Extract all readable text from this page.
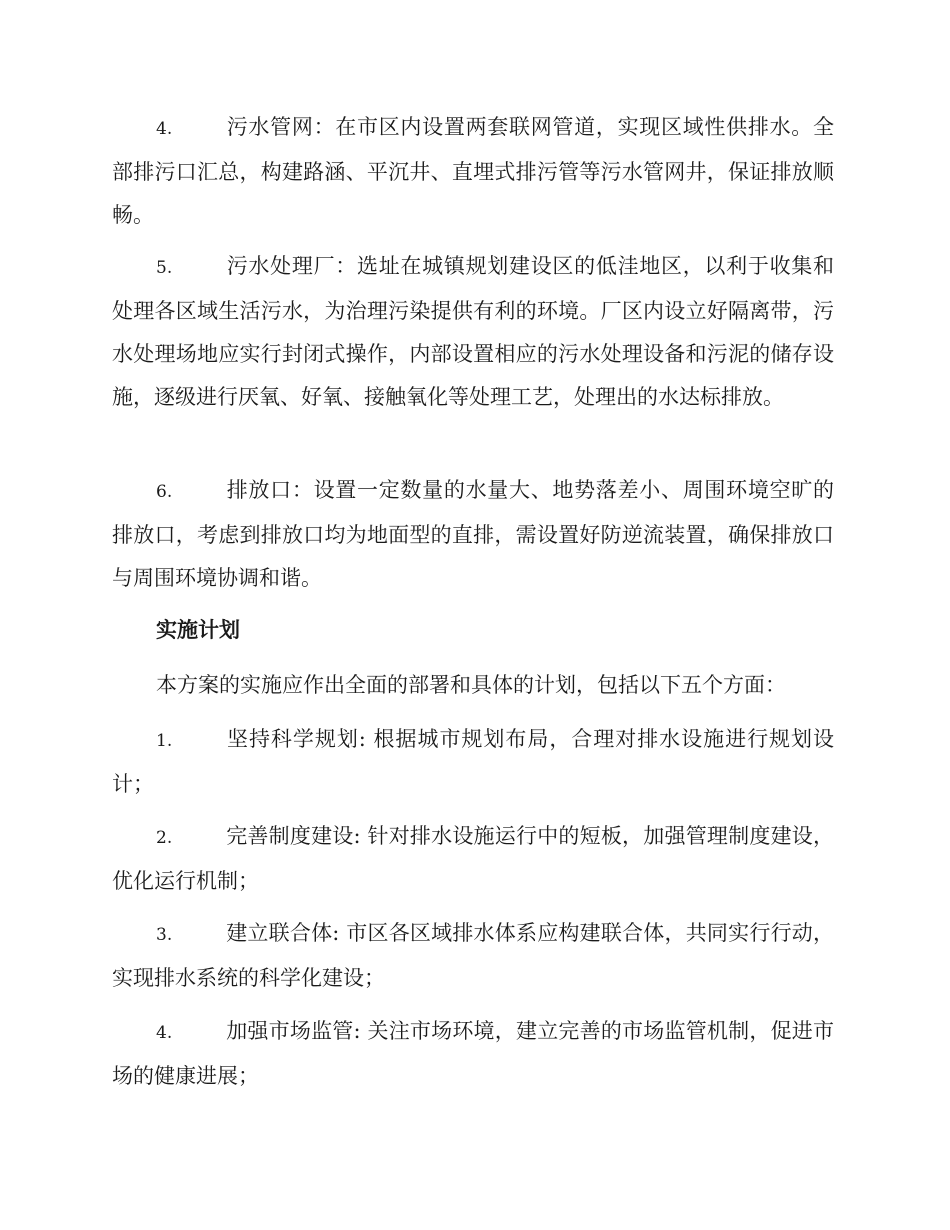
4.	污水管网：在市区内设置两套联网管道，实现区域性供排水。全部排污口汇总，构建路涵、平沉井、直埋式排污管等污水管网井，保证排放顺畅。

5.	污水处理厂：选址在城镇规划建设区的低洼地区，以利于收集和处理各区域生活污水，为治理污染提供有利的环境。厂区内设立好隔离带，污水处理场地应实行封闭式操作，内部设置相应的污水处理设备和污泥的储存设施，逐级进行厌氧、好氧、接触氧化等处理工艺，处理出的水达标排放。

6.	排放口：设置一定数量的水量大、地势落差小、周围环境空旷的排放口，考虑到排放口均为地面型的直排，需设置好防逆流装置，确保排放口与周围环境协调和谐。

实施计划

本方案的实施应作出全面的部署和具体的计划，包括以下五个方面：

1.	坚持科学规划: 根据城市规划布局，合理对排水设施进行规划设计；

2.	完善制度建设: 针对排水设施运行中的短板，加强管理制度建设，优化运行机制；

3.	建立联合体: 市区各区域排水体系应构建联合体，共同实行行动，实现排水系统的科学化建设；

4.	加强市场监管: 关注市场环境，建立完善的市场监管机制，促进市场的健康进展；
